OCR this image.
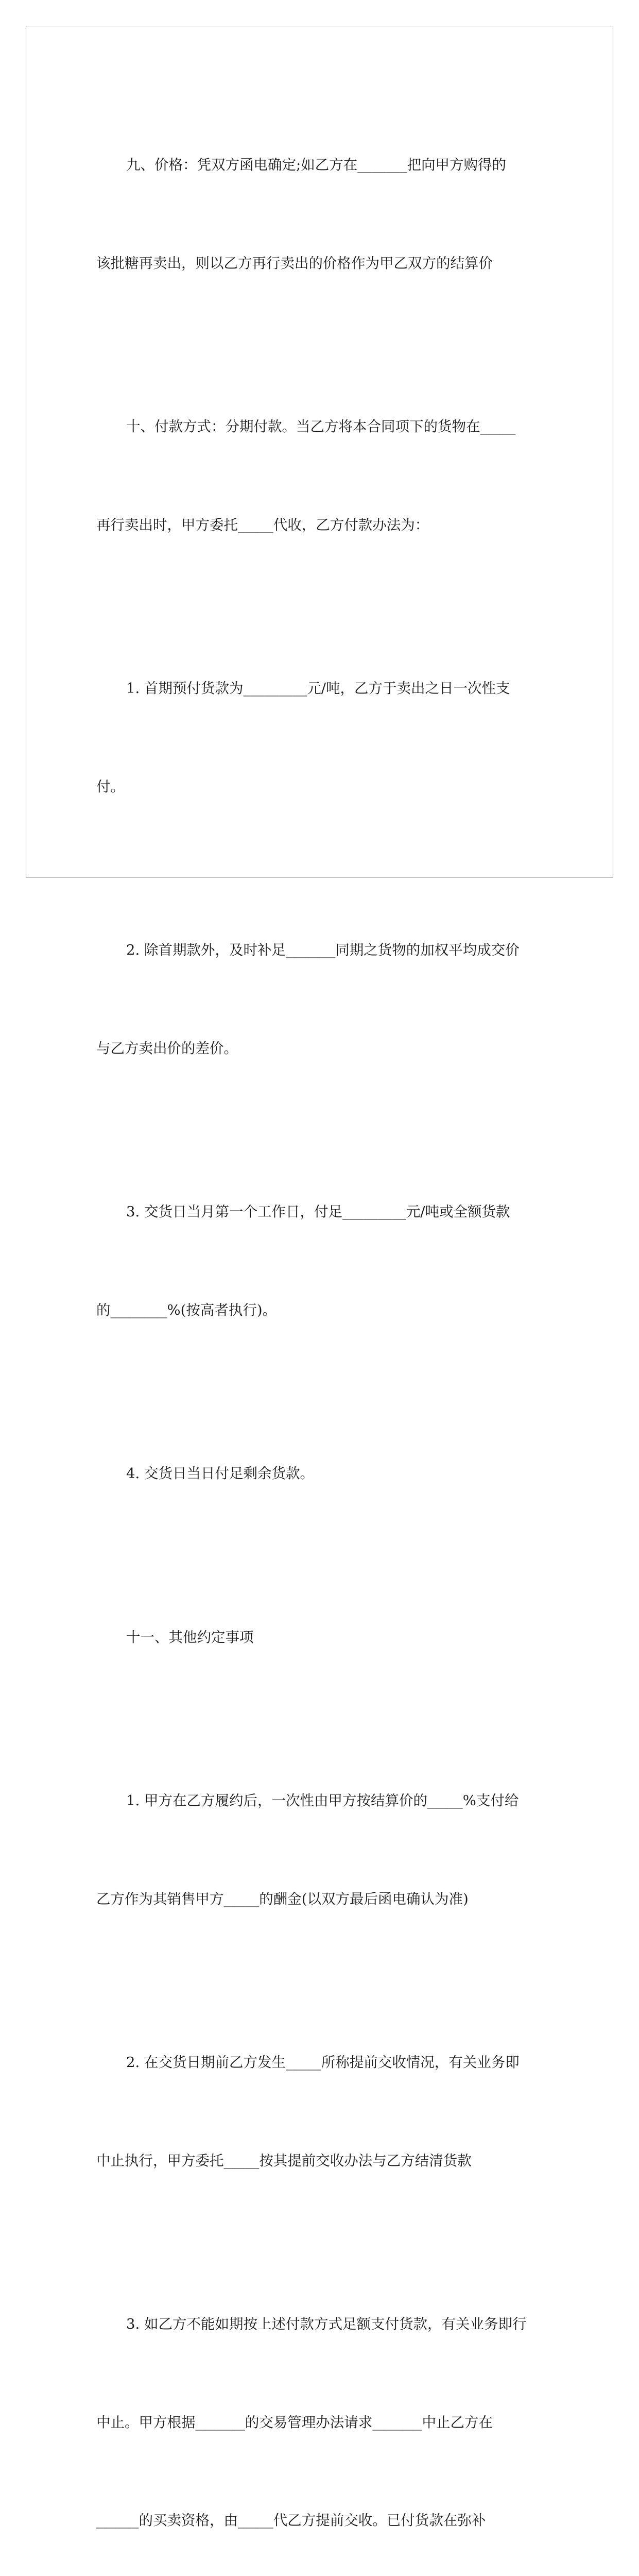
九、价格：凭双方函电确定;如乙方在_______把向甲方购得的

该批糖再卖出，则以乙方再行卖出的价格作为甲乙双方的结算价

十、付款方式：分期付款。当乙方将本合同项下的货物在_____

再行卖出时，甲方委托_____代收，乙方付款办法为：

1. 首期预付货款为_________元/吨，乙方于卖出之日一次性支

付。

2. 除首期款外，及时补足_______同期之货物的加权平均成交价

与乙方卖出价的差价。

3. 交货日当月第一个工作日，付足_________元/吨或全额货款

的________%(按高者执行)。

4. 交货日当日付足剩余货款。

十一、其他约定事项

1. 甲方在乙方履约后，一次性由甲方按结算价的_____%支付给

乙方作为其销售甲方_____的酬金(以双方最后函电确认为准)

2. 在交货日期前乙方发生_____所称提前交收情况，有关业务即

中止执行，甲方委托_____按其提前交收办法与乙方结清货款

3. 如乙方不能如期按上述付款方式足额支付货款，有关业务即行

中止。甲方根据_______的交易管理办法请求_______中止乙方在

______的买卖资格，由_____代乙方提前交收。已付货款在弥补
